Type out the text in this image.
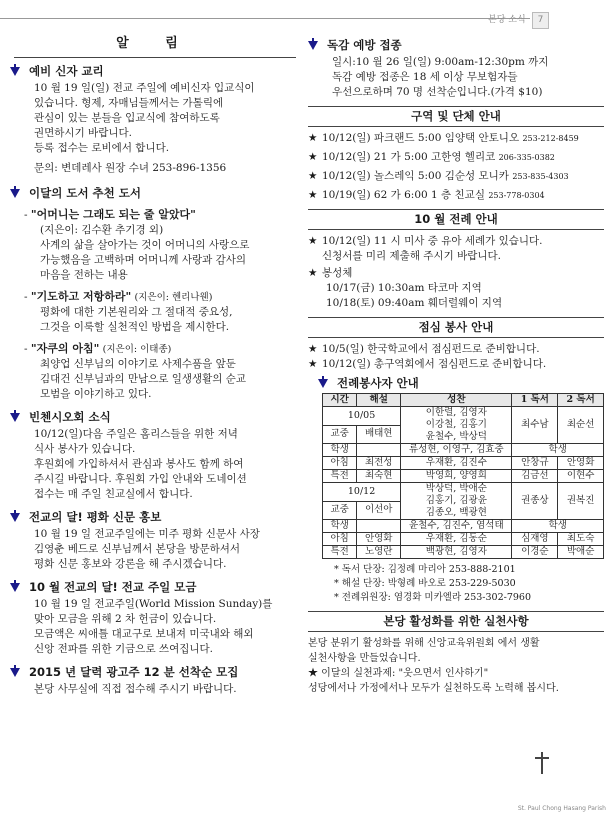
본당 소식 7
알 림
예비 신자 교리
10 월 19 일(일) 전교 주일에 예비신자 입교식이
있습니다. 형제, 자매님들께서는 가톨릭에
관심이 있는 분들을 입교식에 참여하도록
권면하시기 바랍니다.
등록 접수는 로비에서 합니다.
문의: 변데레사 원장 수녀 253-896-1356
이달의 도서 추천 도서
- "어머니는 그래도 되는 줄 알았다"
(지은이: 김수환 추기경 외)
사계의 삶을 살아가는 것이 어머니의 사랑으로
가능했음을 고백하며 어머니께 사랑과 감사의
마음을 전하는 내용
- "기도하고 저항하라" (지은이: 헨리나웬)
평화에 대한 기본원리와 그 절대적 중요성,
그것을 이룩할 실천적인 방법을 제시한다.
- "자쿠의 아침" (지은이: 이태종)
최양업 신부님의 이야기로 사제수품을 앞둔
김대건 신부님과의 만남으로 일생생활의 순교
모범을 이야기하고 있다.
빈첸시오회 소식
10/12(일)다음 주일은 홈리스들을 위한 저녁
식사 봉사가 있습니다.
후원회에 가입하셔서 관심과 봉사도 함께 하여
주시길 바랍니다. 후원회 가입 안내와 도네이션
접수는 매 주일 친교실에서 합니다.
전교의 달! 평화 신문 홍보
10 월 19 일 전교주일에는 미주 평화 신문사 사장
김영춘 베드로 신부님께서 본당을 방문하셔서
평화 신문 홍보와 강론을 해 주시겠습니다.
10 월 전교의 달! 전교 주일 모금
10 월 19 일 전교주일(World Mission Sunday)를
맞아 모금을 위해 2 차 헌금이 있습니다.
모금액은 씨애틀 대교구로 보내져 미국내와 해외
신앙 전파를 위한 기금으로 쓰여집니다.
2015 년 달력 광고주 12 분 선착순 모집
본당 사무실에 직접 접수해 주시기 바랍니다.
독감 예방 접종
일시:10 월 26 일(일) 9:00am-12:30pm 까지
독감 예방 접종은 18 세 이상 무보험자들
우선으로하며 70 명 선착순입니다.(가격 $10)
구역 및 단체 안내
★ 10/12(일) 파크랜드 5:00 임양택 안토니오 253-212-8459
★ 10/12(일) 21 가 5:00 고한영 헬리코 206-335-0382
★ 10/12(일) 놀스레익 5:00 김순성 모니카 253-835-4303
★ 10/19(일) 62 가 6:00 1 층 친교실 253-778-0304
10 월 전례 안내
★ 10/12(일) 11 시 미사 중 유아 세례가 있습니다.
신청서를 미리 제출해 주시기 바랍니다.
★ 봉성체
10/17(금) 10:30am 타코마 지역
10/18(토) 09:40am 훼더럴웨이 지역
점심 봉사 안내
★ 10/5(일) 한국학교에서 점심펀드로 준비합니다.
★ 10/12(일) 총구역회에서 점심펀드로 준비합니다.
전례봉사자 안내
시간	해설	성찬	1 독서	2 독서
10/05		이한렬, 김영자
이강철, 김홍기
윤철수, 박상덕	최수남	최순선
교중	배태현			
학생		류성현, 이영구, 김효중	학생	
아침	최전성	우재환, 김진수	안창규	안영화
특전	최숙현	박영희, 양영희	김금선	이현수
10/12		박상덕, 박애순
김홍기, 김광윤
김종오, 백광현	권종상	권복진
교중	이선아			
학생		윤철수, 김진수, 염석태	학생	
아침	안영화	우재환, 김동순	심재영	최도숙
특전	노영란	백광현, 김영자	이경순	박애순
* 독서 단장: 김정례 마리아 253-888-2101
* 해설 단장: 박형례 바오로 253-229-5030
* 전례위원장: 염경화 미카엘라 253-302-7960
본당 활성화를 위한 실천사항
본당 분위기 활성화를 위해 신앙교육위원회 에서 생활
실천사항을 만들었습니다.
★ 이달의 실천과제: "웃으면서 인사하기"
성당에서나 가정에서나 모두가 실천하도록 노력해 봅시다.
St. Paul Chong Hasang Parish
